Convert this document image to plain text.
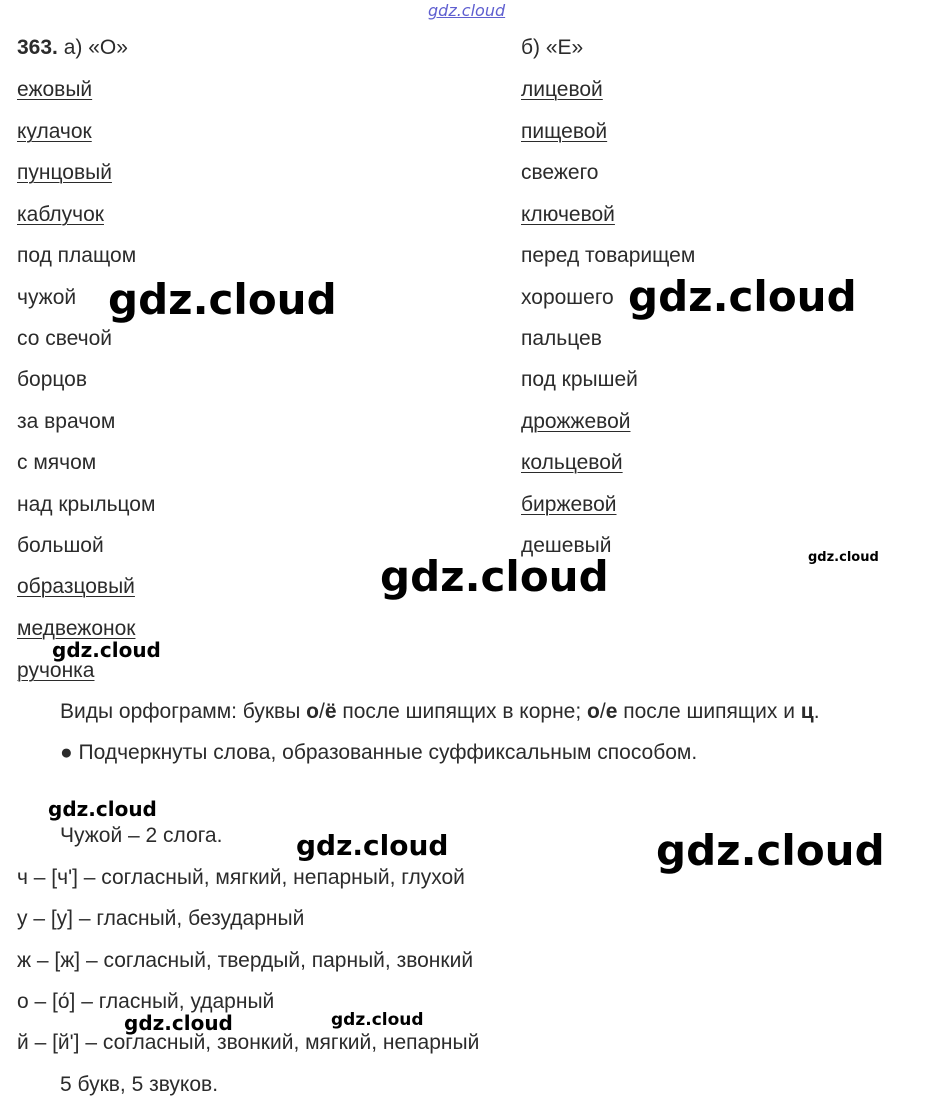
gdz.cloud
363. а) «О»	б) «Е»
ежовый
кулачок
пунцовый
каблучок
под плащом
чужой
со свечой
борцов
за врачом
с мячом
над крыльцом
большой
образцовый
медвежонок
ручонка
лицевой
пищевой
свежего
ключевой
перед товарищем
хорошего
пальцев
под крышей
дрожжевой
кольцевой
биржевой
дешевый
Виды орфограмм: буквы о/ё после шипящих в корне; о/е после шипящих и ц.
● Подчеркнуты слова, образованные суффиксальным способом.
Чужой – 2 слога.
ч – [ч'] – согласный, мягкий, непарный, глухой
у – [у] – гласный, безударный
ж – [ж] – согласный, твердый, парный, звонкий
о – [о́] – гласный, ударный
й – [й'] – согласный, звонкий, мягкий, непарный
5 букв, 5 звуков.
gdz.cloud	gdz.cloud
gdz.cloud	gdz.cloud
gdz.cloud
gdz.cloud
gdz.cloud	gdz.cloud
gdz.cloud	gdz.cloud
